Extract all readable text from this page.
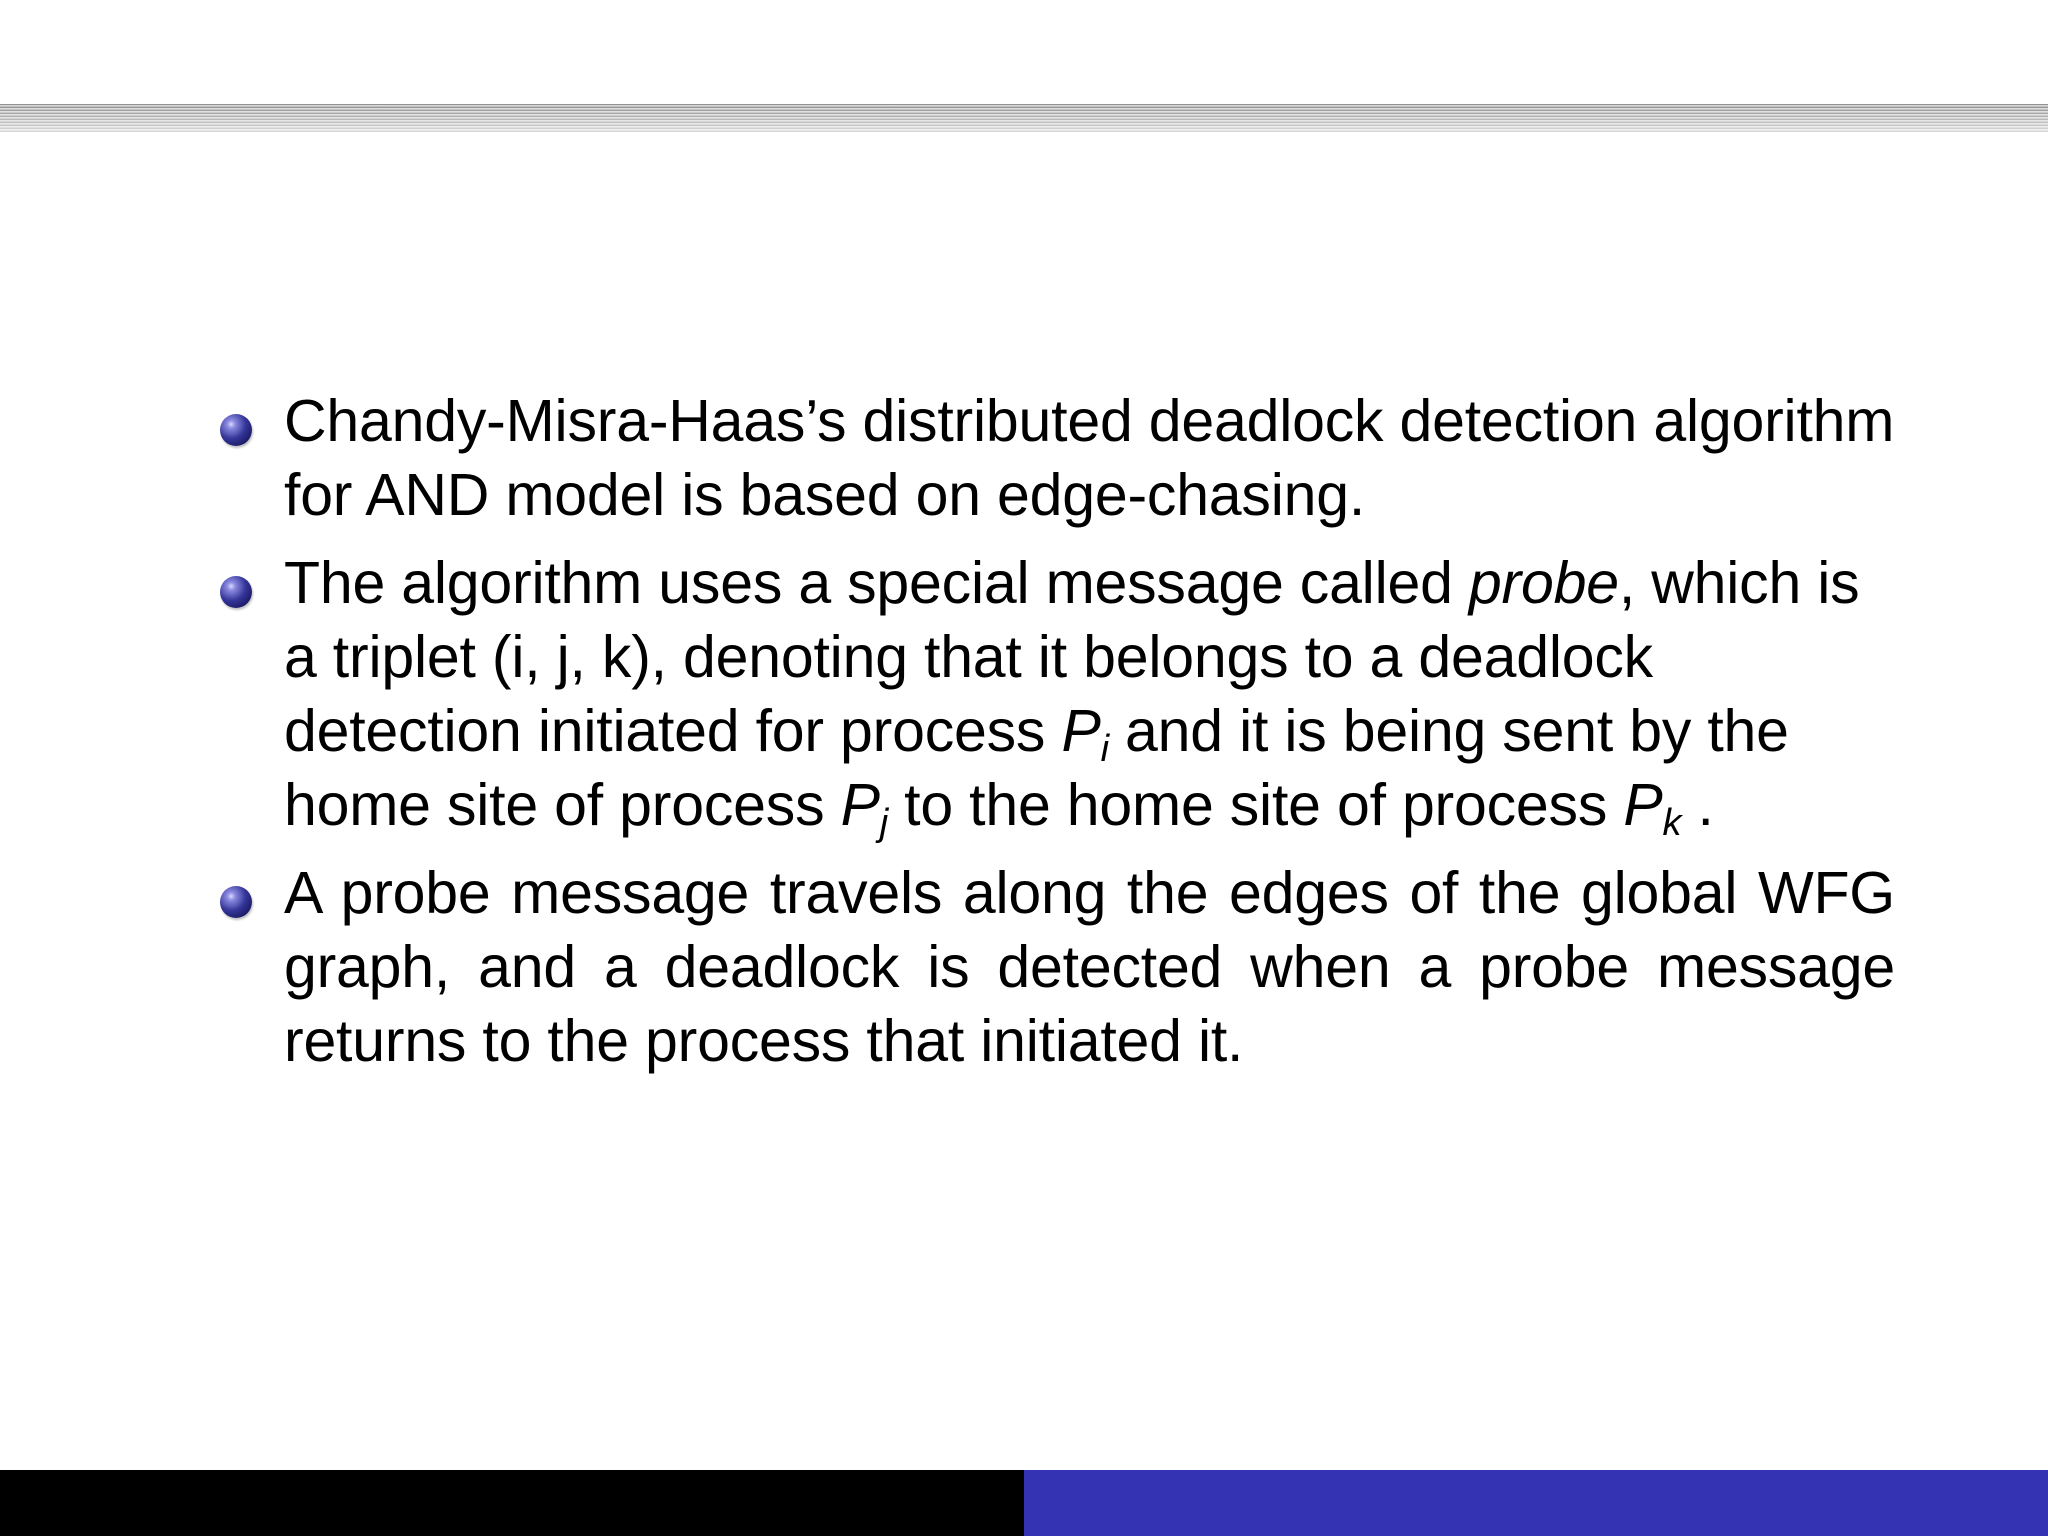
Chandy-Misra-Haas’s distributed deadlock detection algorithm for AND model is based on edge-chasing.
The algorithm uses a special message called probe, which is a triplet (i, j, k), denoting that it belongs to a deadlock detection initiated for process $P_i$ and it is being sent by the home site of process $P_j$ to the home site of process $P_k$ .
A probe message travels along the edges of the global WFG graph, and a deadlock is detected when a probe message returns to the process that initiated it.
